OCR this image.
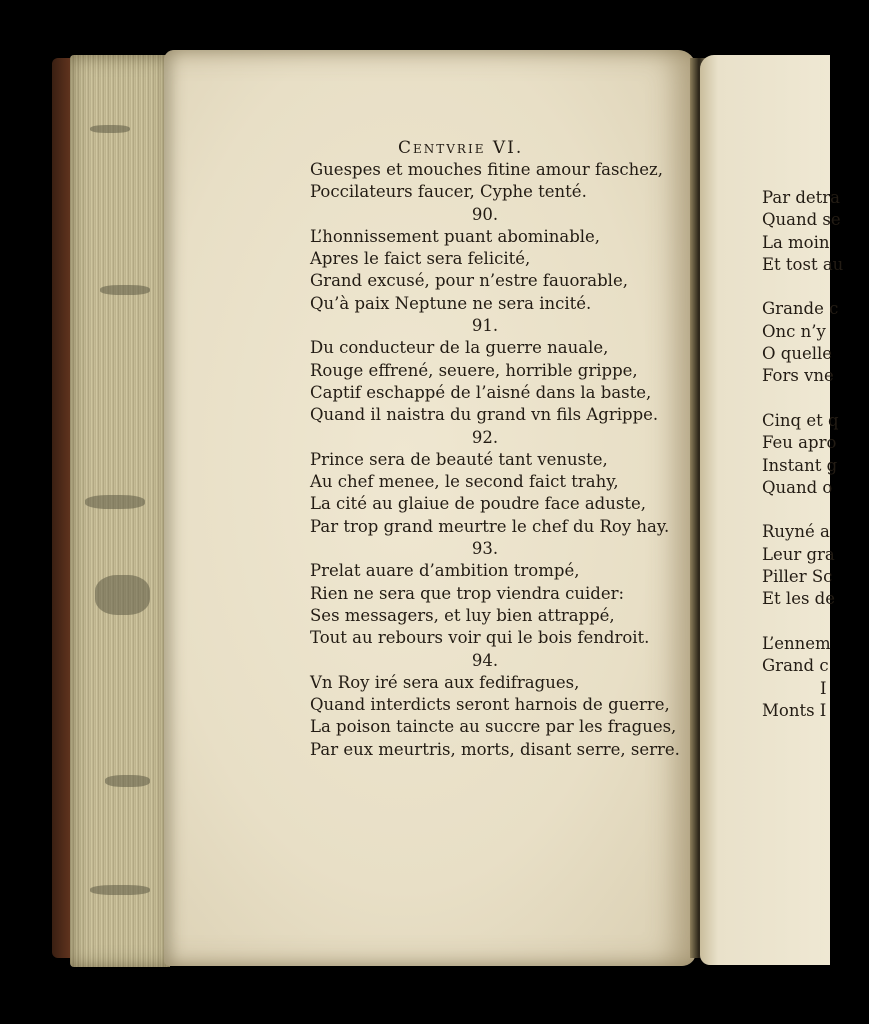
Centvrie VI.
Guespes et mouches fitine amour faschez,
Poccilateurs faucer, Cyphe tenté.
90.
L’honnissement puant abominable,
Apres le faict sera felicité,
Grand excusé, pour n’estre fauorable,
Qu’à paix Neptune ne sera incité.
91.
Du conducteur de la guerre nauale,
Rouge effrené, seuere, horrible grippe,
Captif eschappé de l’aisné dans la baste,
Quand il naistra du grand vn fils Agrippe.
92.
Prince sera de beauté tant venuste,
Au chef menee, le second faict trahy,
La cité au glaiue de poudre face aduste,
Par trop grand meurtre le chef du Roy hay.
93.
Prelat auare d’ambition trompé,
Rien ne sera que trop viendra cuider:
Ses messagers, et luy bien attrappé,
Tout au rebours voir qui le bois fendroit.
94.
Vn Roy iré sera aux fedifragues,
Quand interdicts seront harnois de guerre,
La poison taincte au succre par les fragues,
Par eux meurtris, morts, disant serre, serre.
Par detra
Quand se
La moin
Et tost au
Grande c
Onc n’y
O quelle
Fors vne
Cinq et q
Feu apro
Instant g
Quand o
Ruyné a
Leur gra
Piller Sc
Et les de
L’ennem
Grand c
I
Monts I
